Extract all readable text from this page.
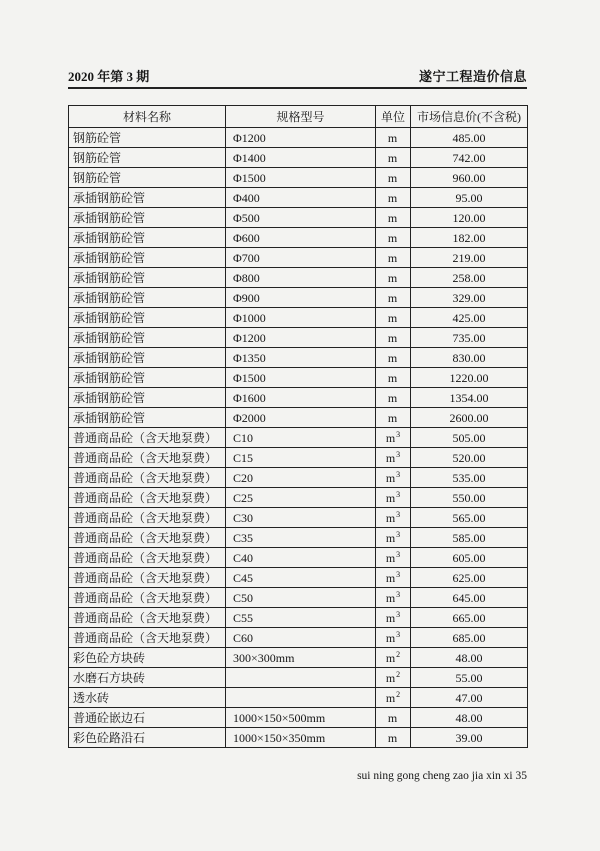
2020 年第 3 期	遂宁工程造价信息
材料名称	规格型号	单位	市场信息价(不含税)
钢筋砼管	Φ1200	m	485.00
钢筋砼管	Φ1400	m	742.00
钢筋砼管	Φ1500	m	960.00
承插钢筋砼管	Φ400	m	95.00
承插钢筋砼管	Φ500	m	120.00
承插钢筋砼管	Φ600	m	182.00
承插钢筋砼管	Φ700	m	219.00
承插钢筋砼管	Φ800	m	258.00
承插钢筋砼管	Φ900	m	329.00
承插钢筋砼管	Φ1000	m	425.00
承插钢筋砼管	Φ1200	m	735.00
承插钢筋砼管	Φ1350	m	830.00
承插钢筋砼管	Φ1500	m	1220.00
承插钢筋砼管	Φ1600	m	1354.00
承插钢筋砼管	Φ2000	m	2600.00
普通商品砼（含天地泵费）	C10	$m^3$	505.00
普通商品砼（含天地泵费）	C15	$m^3$	520.00
普通商品砼（含天地泵费）	C20	$m^3$	535.00
普通商品砼（含天地泵费）	C25	$m^3$	550.00
普通商品砼（含天地泵费）	C30	$m^3$	565.00
普通商品砼（含天地泵费）	C35	$m^3$	585.00
普通商品砼（含天地泵费）	C40	$m^3$	605.00
普通商品砼（含天地泵费）	C45	$m^3$	625.00
普通商品砼（含天地泵费）	C50	$m^3$	645.00
普通商品砼（含天地泵费）	C55	$m^3$	665.00
普通商品砼（含天地泵费）	C60	$m^3$	685.00
彩色砼方块砖	300×300mm	$m^2$	48.00
水磨石方块砖		$m^2$	55.00
透水砖		$m^2$	47.00
普通砼嵌边石	1000×150×500mm	m	48.00
彩色砼路沿石	1000×150×350mm	m	39.00
sui ning gong cheng zao jia xin xi 35
